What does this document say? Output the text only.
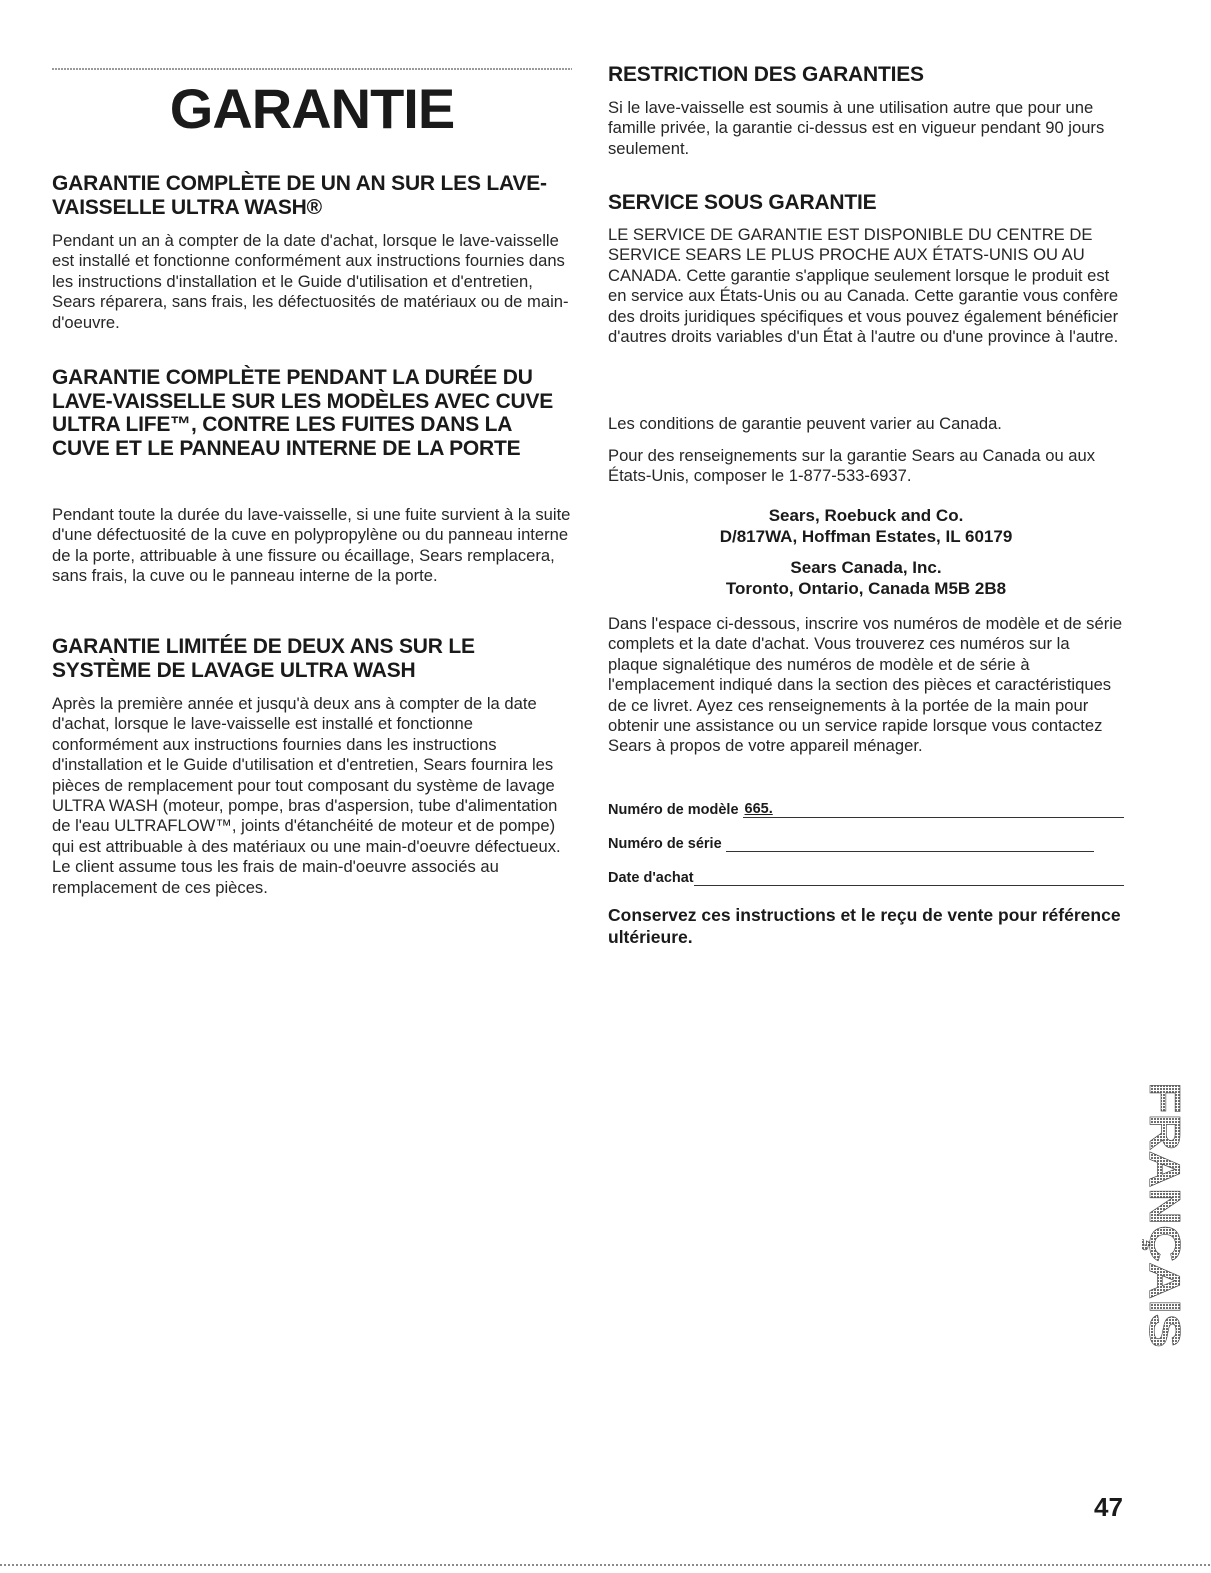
GARANTIE
GARANTIE COMPLÈTE DE UN AN SUR LES LAVE-VAISSELLE ULTRA WASH®

Pendant un an à compter de la date d'achat, lorsque le lave-vaisselle est installé et fonctionne conformément aux instructions fournies dans les instructions d'installation et le Guide d'utilisation et d'entretien, Sears réparera, sans frais, les défectuosités de matériaux ou de main-d'oeuvre.

GARANTIE COMPLÈTE PENDANT LA DURÉE DU LAVE-VAISSELLE SUR LES MODÈLES AVEC CUVE ULTRA LIFE™, CONTRE LES FUITES DANS LA CUVE ET LE PANNEAU INTERNE DE LA PORTE

Pendant toute la durée du lave-vaisselle, si une fuite survient à la suite d'une défectuosité de la cuve en polypropylène ou du panneau interne de la porte, attribuable à une fissure ou écaillage, Sears remplacera, sans frais, la cuve ou le panneau interne de la porte.

GARANTIE LIMITÉE DE DEUX ANS SUR LE SYSTÈME DE LAVAGE ULTRA WASH

Après la première année et jusqu'à deux ans à compter de la date d'achat, lorsque le lave-vaisselle est installé et fonctionne conformément aux instructions fournies dans les instructions d'installation et le Guide d'utilisation et d'entretien, Sears fournira les pièces de remplacement pour tout composant du système de lavage ULTRA WASH (moteur, pompe, bras d'aspersion, tube d'alimentation de l'eau ULTRAFLOW™, joints d'étanchéité de moteur et de pompe) qui est attribuable à des matériaux ou une main-d'oeuvre défectueux. Le client assume tous les frais de main-d'oeuvre associés au remplacement de ces pièces.

RESTRICTION DES GARANTIES

Si le lave-vaisselle est soumis à une utilisation autre que pour une famille privée, la garantie ci-dessus est en vigueur pendant 90 jours seulement.

SERVICE SOUS GARANTIE

LE SERVICE DE GARANTIE EST DISPONIBLE DU CENTRE DE SERVICE SEARS LE PLUS PROCHE AUX ÉTATS-UNIS OU AU CANADA. Cette garantie s'applique seulement lorsque le produit est en service aux États-Unis ou au Canada. Cette garantie vous confère des droits juridiques spécifiques et vous pouvez également bénéficier d'autres droits variables d'un État à l'autre ou d'une province à l'autre.

Les conditions de garantie peuvent varier au Canada.

Pour des renseignements sur la garantie Sears au Canada ou aux États-Unis, composer le 1-877-533-6937.

Sears, Roebuck and Co.
D/817WA, Hoffman Estates, IL 60179
Sears Canada, Inc.
Toronto, Ontario, Canada M5B 2B8

Dans l'espace ci-dessous, inscrire vos numéros de modèle et de série complets et la date d'achat. Vous trouverez ces numéros sur la plaque signalétique des numéros de modèle et de série à l'emplacement indiqué dans la section des pièces et caractéristiques de ce livret. Ayez ces renseignements à la portée de la main pour obtenir une assistance ou un service rapide lorsque vous contactez Sears à propos de votre appareil ménager.

Numéro de modèle 665.
Numéro de série
Date d'achat
Conservez ces instructions et le reçu de vente pour référence ultérieure.
FRANÇAIS
47
